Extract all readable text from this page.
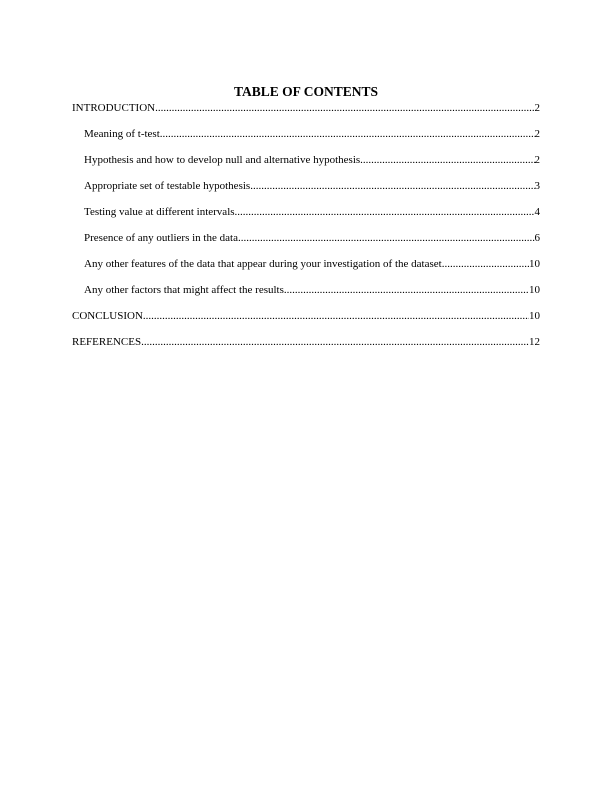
TABLE OF CONTENTS
INTRODUCTION .....	2
Meaning of t-test .....	2
Hypothesis and how to develop null and alternative hypothesis .....	2
Appropriate set of testable hypothesis .....	3
Testing value at different intervals .....	4
Presence of any outliers in the data .....	6
Any other features of the data that appear during your investigation of the dataset .....	10
Any other factors that might affect the results .....	10
CONCLUSION .....	10
REFERENCES .....	12
